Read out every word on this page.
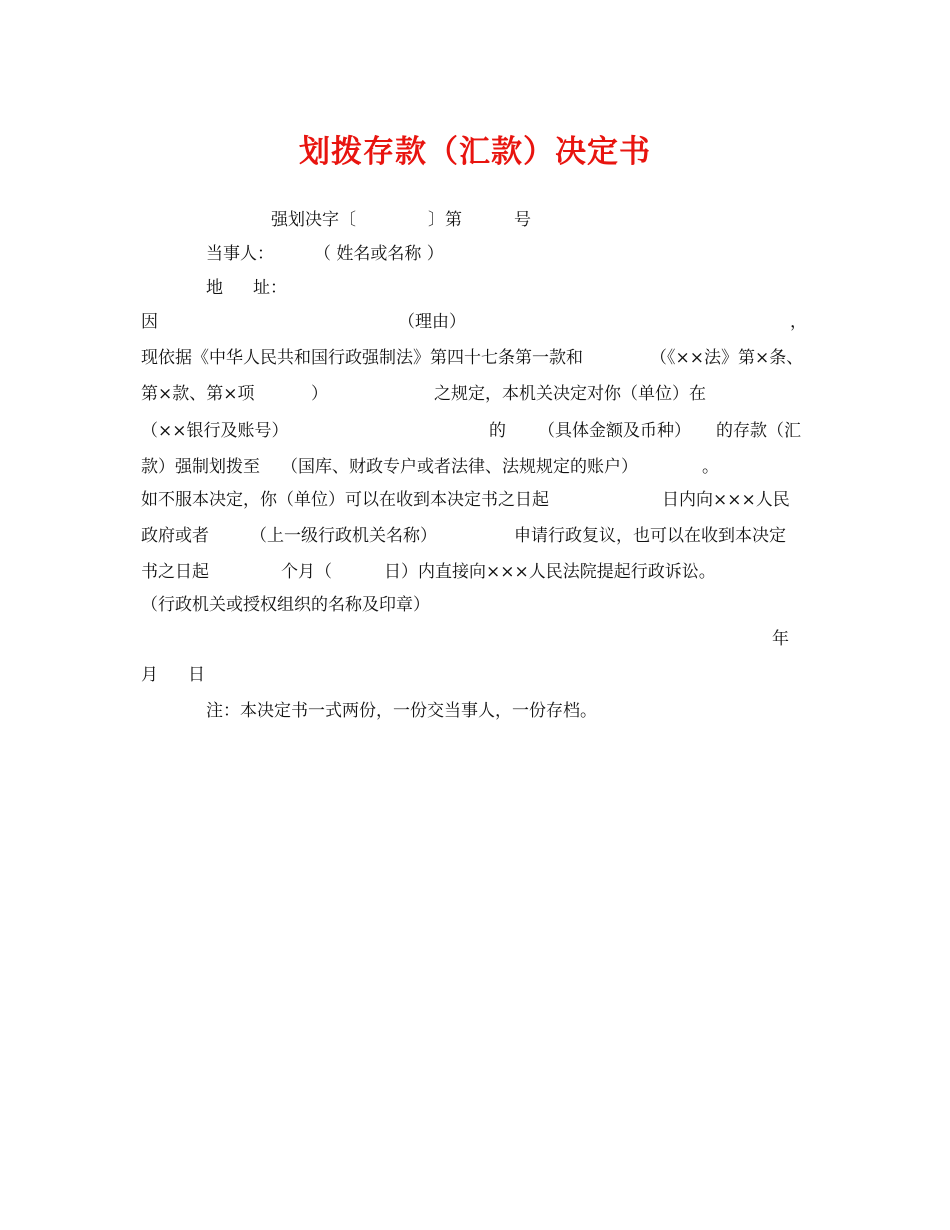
划拨存款（汇款）决定书
强划决字〔	〕第	号
当事人： （ 姓名或名称 ）
地 址：
因	（理由）	，
现依据《中华人民共和国行政强制法》第四十七条第一款和	（《××法》第×条、
第×款、第×项	）	之规定，本机关决定对你（单位）在
（××银行及账号）	的 （具体金额及币种） 的存款（汇
款）强制划拨至 （国库、财政专户或者法律、法规规定的账户）	。
如不服本决定，你（单位）可以在收到本决定书之日起	日内向×××人民
政府或者 （上一级行政机关名称）	申请行政复议，也可以在收到本决定
书之日起	个月（	日）内直接向×××人民法院提起行政诉讼。
（行政机关或授权组织的名称及印章）
年
月 日
注：本决定书一式两份，一份交当事人，一份存档。
